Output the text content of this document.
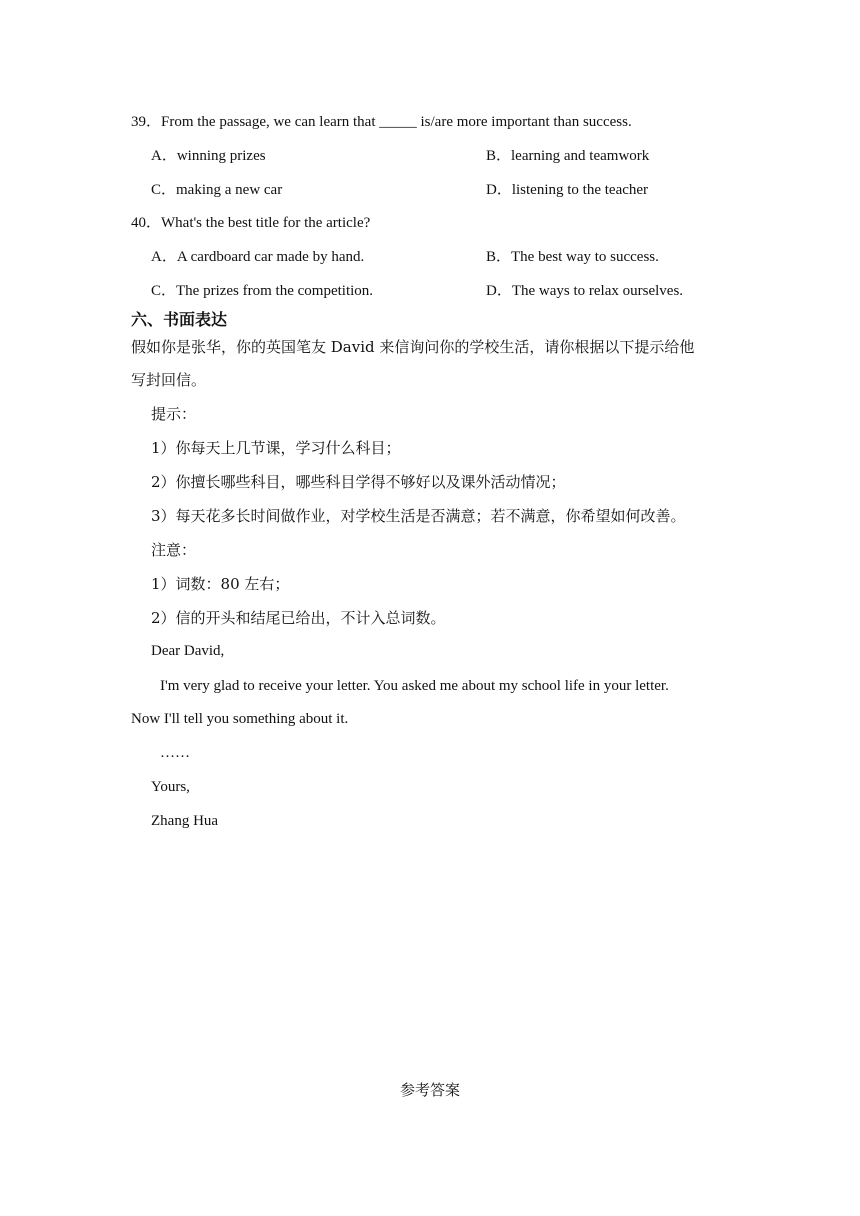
39．From the passage, we can learn that _____ is/are more important than success.
A．winning prizes	B．learning and teamwork
C．making a new car	D．listening to the teacher
40．What's the best title for the article?
A．A cardboard car made by hand.	B．The best way to success.
C．The prizes from the competition.	D．The ways to relax ourselves.
六、书面表达
假如你是张华，你的英国笔友 David 来信询问你的学校生活，请你根据以下提示给他
写封回信。
提示：
1）你每天上几节课，学习什么科目；
2）你擅长哪些科目，哪些科目学得不够好以及课外活动情况；
3）每天花多长时间做作业，对学校生活是否满意；若不满意，你希望如何改善。
注意：
1）词数：80 左右；
2）信的开头和结尾已给出，不计入总词数。
Dear David,
I'm very glad to receive your letter. You asked me about my school life in your letter.
Now I'll tell you something about it.
……
Yours,
Zhang Hua
参考答案
